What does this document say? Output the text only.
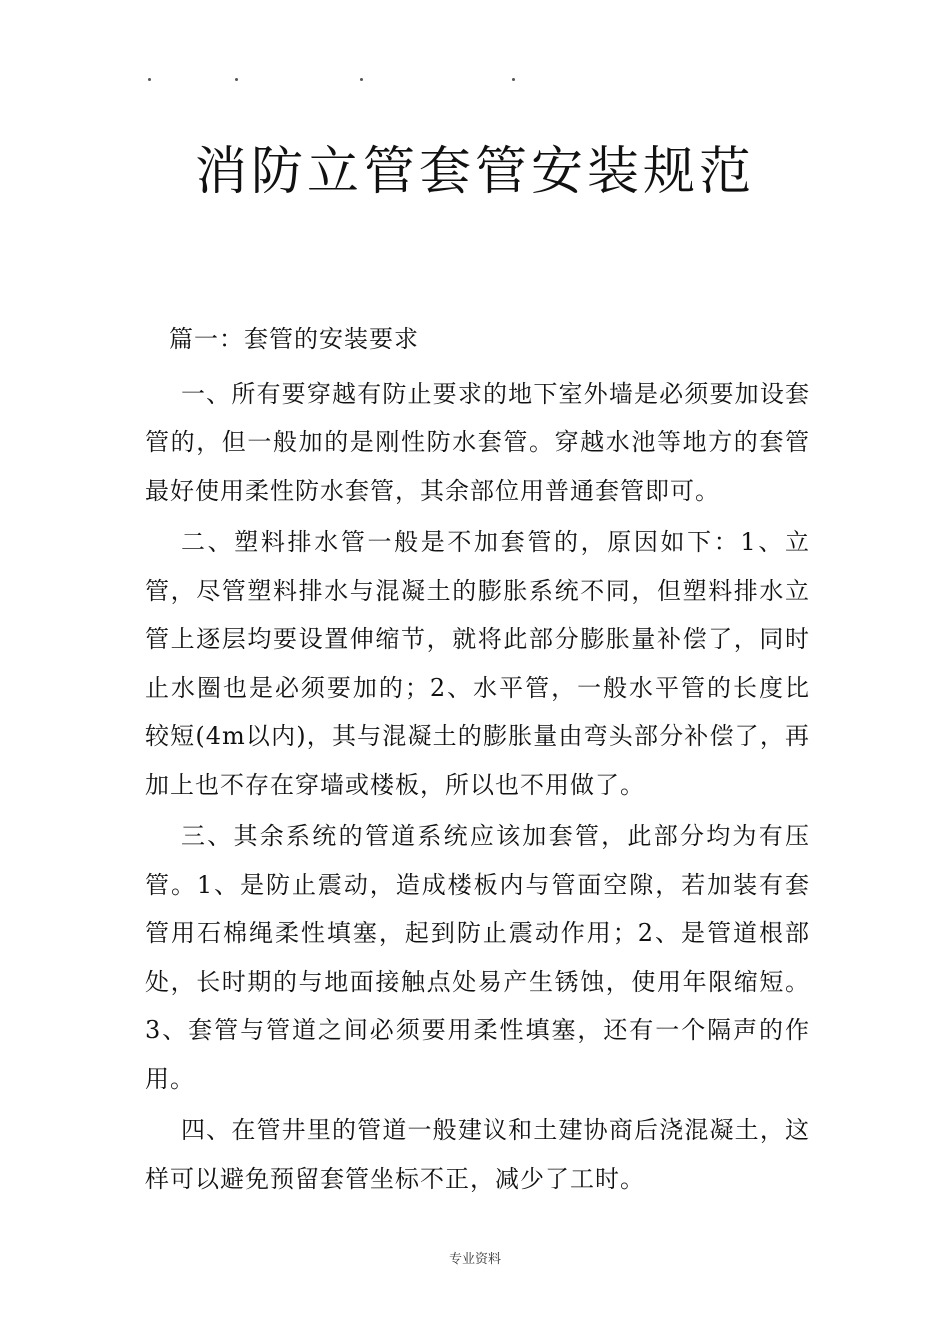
消防立管套管安装规范

篇一：套管的安装要求

一、所有要穿越有防止要求的地下室外墙是必须要加设套管的，但一般加的是刚性防水套管。穿越水池等地方的套管最好使用柔性防水套管，其余部位用普通套管即可。

二、塑料排水管一般是不加套管的，原因如下：1、立管，尽管塑料排水与混凝土的膨胀系统不同，但塑料排水立管上逐层均要设置伸缩节，就将此部分膨胀量补偿了，同时止水圈也是必须要加的；2、水平管，一般水平管的长度比较短(4m以内)，其与混凝土的膨胀量由弯头部分补偿了，再加上也不存在穿墙或楼板，所以也不用做了。

三、其余系统的管道系统应该加套管，此部分均为有压管。1、是防止震动，造成楼板内与管面空隙，若加装有套管用石棉绳柔性填塞，起到防止震动作用；2、是管道根部处，长时期的与地面接触点处易产生锈蚀，使用年限缩短。3、套管与管道之间必须要用柔性填塞，还有一个隔声的作用。

四、在管井里的管道一般建议和土建协商后浇混凝土，这样可以避免预留套管坐标不正，减少了工时。

专业资料
